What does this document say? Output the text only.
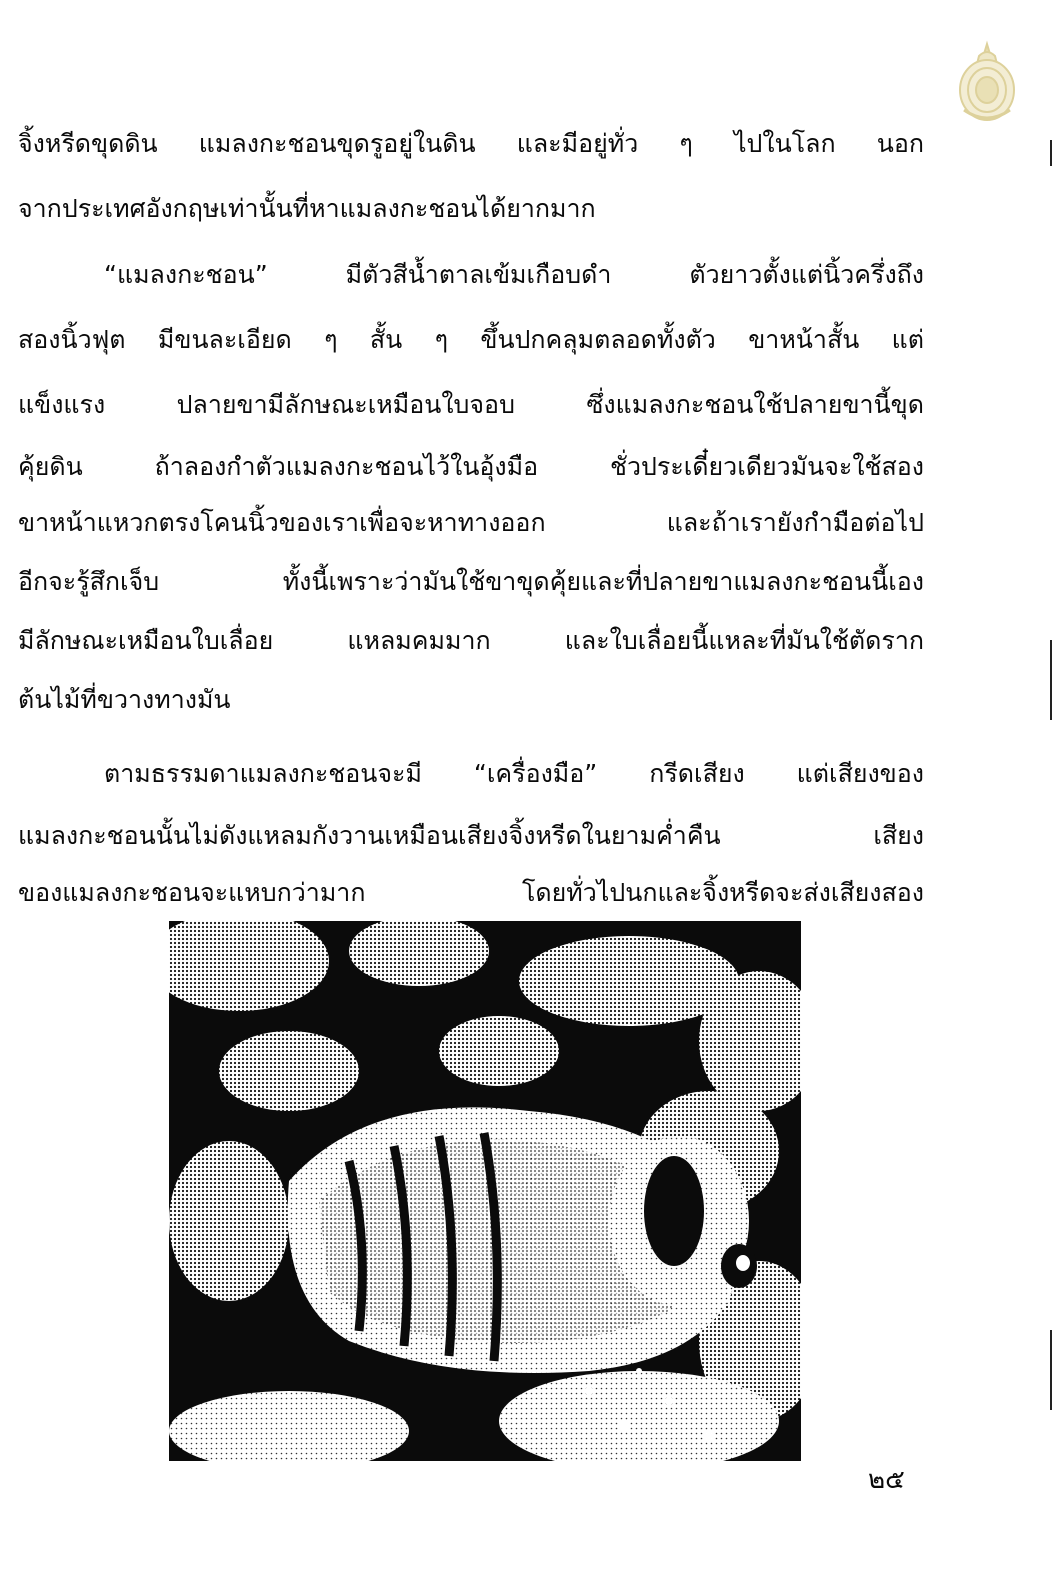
จิ้งหรีดขุดดิน แมลงกะชอนขุดรูอยู่ในดิน และมีอยู่ทั่ว ๆ ไปในโลก นอก
จากประเทศอังกฤษเท่านั้นที่หาแมลงกะชอนได้ยากมาก
“แมลงกะชอน” มีตัวสีน้ำตาลเข้มเกือบดำ ตัวยาวตั้งแต่นิ้วครึ่งถึง
สองนิ้วฟุต มีขนละเอียด ๆ สั้น ๆ ขึ้นปกคลุมตลอดทั้งตัว ขาหน้าสั้น แต่
แข็งแรง ปลายขามีลักษณะเหมือนใบจอบ ซึ่งแมลงกะชอนใช้ปลายขานี้ขุด
คุ้ยดิน ถ้าลองกำตัวแมลงกะชอนไว้ในอุ้งมือ ชั่วประเดี๋ยวเดียวมันจะใช้สอง
ขาหน้าแหวกตรงโคนนิ้วของเราเพื่อจะหาทางออก และถ้าเรายังกำมือต่อไป
อีกจะรู้สึกเจ็บ ทั้งนี้เพราะว่ามันใช้ขาขุดคุ้ยและที่ปลายขาแมลงกะชอนนี้เอง
มีลักษณะเหมือนใบเลื่อย แหลมคมมาก และใบเลื่อยนี้แหละที่มันใช้ตัดราก
ต้นไม้ที่ขวางทางมัน
ตามธรรมดาแมลงกะชอนจะมี “เครื่องมือ” กรีดเสียง แต่เสียงของ
แมลงกะชอนนั้นไม่ดังแหลมกังวานเหมือนเสียงจิ้งหรีดในยามค่ำคืน เสียง
ของแมลงกะชอนจะแหบกว่ามาก โดยทั่วไปนกและจิ้งหรีดจะส่งเสียงสอง
๒๕
